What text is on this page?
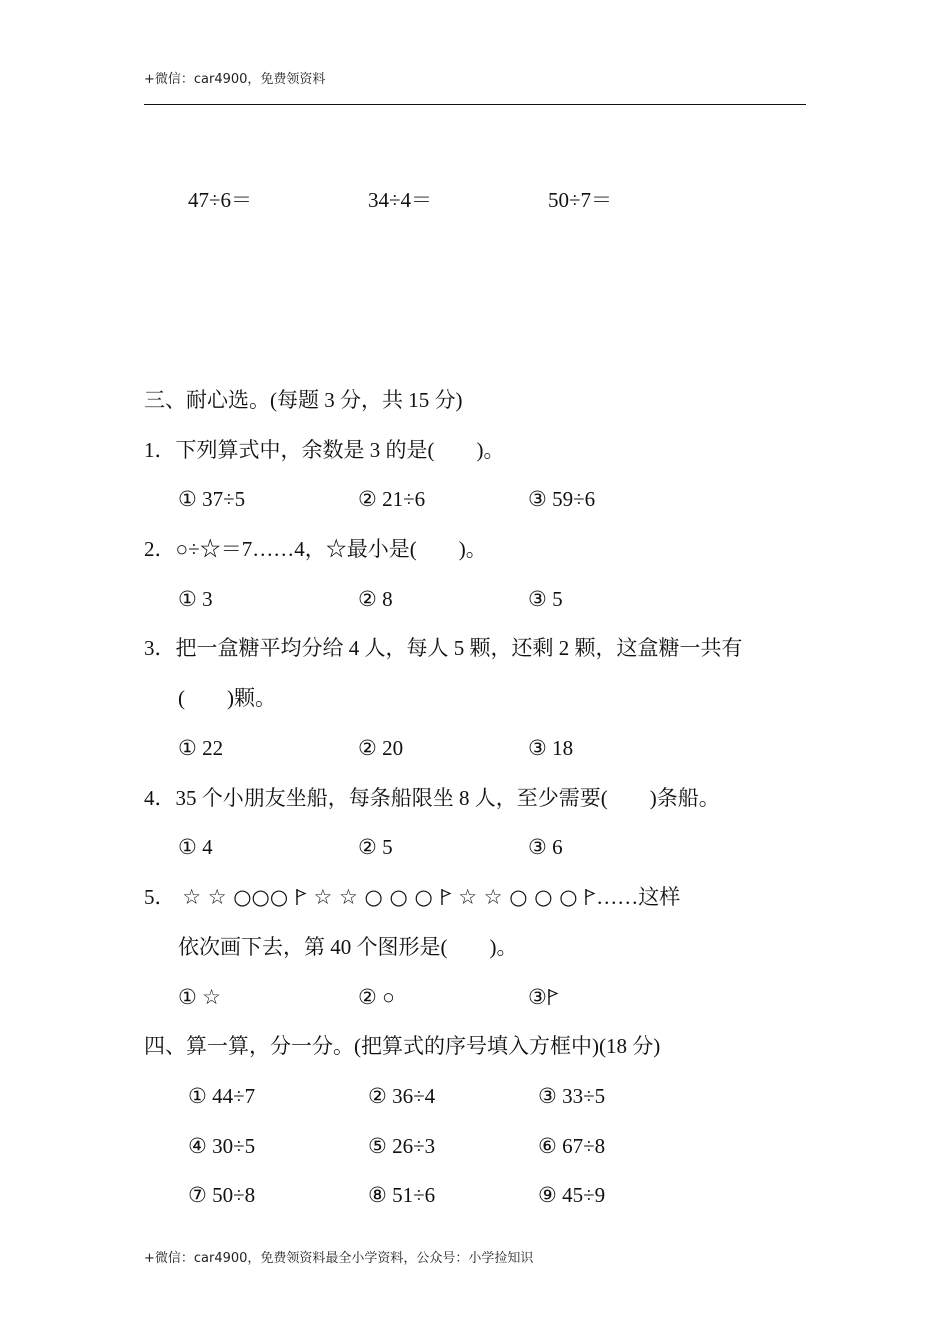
+微信：car4900，免费领资料
47÷6＝	34÷4＝	50÷7＝
三、耐心选。(每题 3 分，共 15 分)
1．下列算式中，余数是 3 的是(　　)。
① 37÷5	② 21÷6	③ 59÷6
2．○÷☆＝7……4，☆最小是(　　)。
① 3	② 8	③ 5
3．把一盒糖平均分给 4 人，每人 5 颗，还剩 2 颗，这盒糖一共有
(　　)颗。
① 22	② 20	③ 18
4．35 个小朋友坐船，每条船限坐 8 人，至少需要(　　)条船。
① 4	② 5	③ 6
5． ☆ ☆ ○○○ ☆ ☆ ○ ○ ○ ☆ ☆ ○ ○ ○ ……这样
依次画下去，第 40 个图形是(　　)。
① ☆	② ○	③
四、算一算，分一分。(把算式的序号填入方框中)(18 分)
① 44÷7	② 36÷4	③ 33÷5
④ 30÷5	⑤ 26÷3	⑥ 67÷8
⑦ 50÷8	⑧ 51÷6	⑨ 45÷9
+微信：car4900，免费领资料最全小学资料，公众号：小学捡知识
